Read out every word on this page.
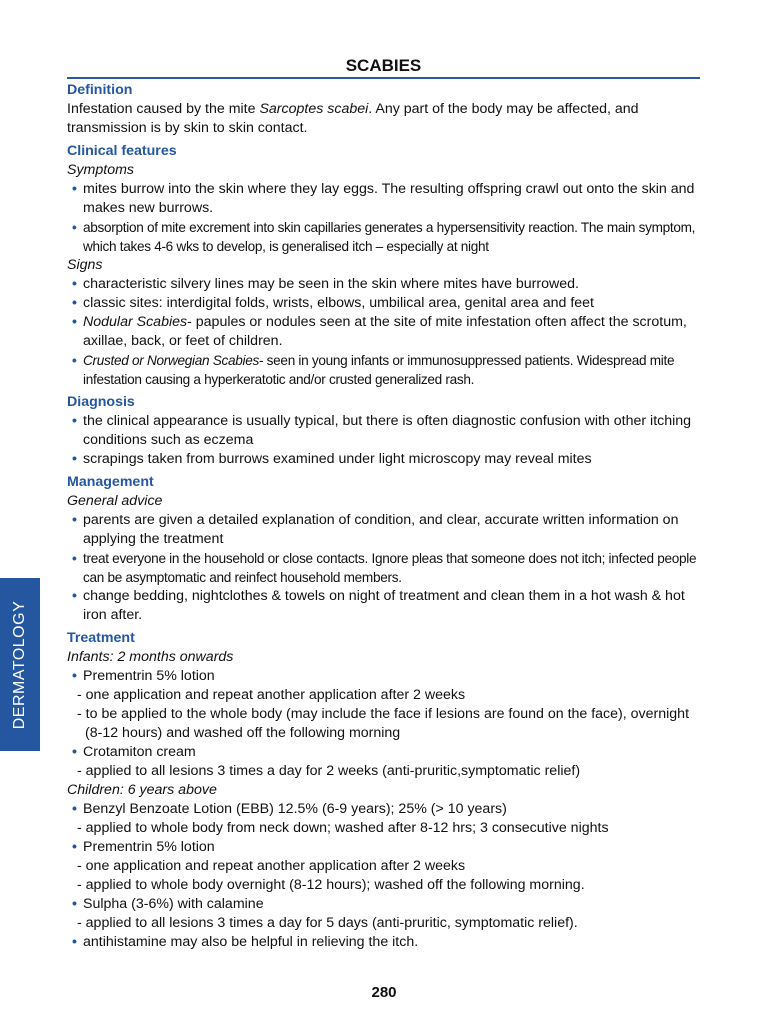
SCABIES
Definition

Infestation caused by the mite Sarcoptes scabei. Any part of the body may be affected, and transmission is by skin to skin contact.

Clinical features
Symptoms
• mites burrow into the skin where they lay eggs. The resulting offspring crawl out onto the skin and makes new burrows.
• absorption of mite excrement into skin capillaries generates a hypersensitivity reaction. The main symptom, which takes 4-6 wks to develop, is generalised itch – especially at night
Signs
• characteristic silvery lines may be seen in the skin where mites have burrowed.
• classic sites: interdigital folds, wrists, elbows, umbilical area, genital area and feet
• Nodular Scabies- papules or nodules seen at the site of mite infestation often affect the scrotum, axillae, back, or feet of children.
• Crusted or Norwegian Scabies- seen in young infants or immunosuppressed patients. Widespread mite infestation causing a hyperkeratotic and/or crusted generalized rash.
Diagnosis
• the clinical appearance is usually typical, but there is often diagnostic confusion with other itching conditions such as eczema
• scrapings taken from burrows examined under light microscopy may reveal mites
Management
General advice
• parents are given a detailed explanation of condition, and clear, accurate written information on applying the treatment
• treat everyone in the household or close contacts. Ignore pleas that someone does not itch; infected people can be asymptomatic and reinfect household members.
• change bedding, nightclothes & towels on night of treatment and clean them in a hot wash & hot iron after.
Treatment
Infants: 2 months onwards
• Prementrin 5% lotion
- one application and repeat another application after 2 weeks
- to be applied to the whole body (may include the face if lesions are found on the face), overnight (8-12 hours) and washed off the following morning
• Crotamiton cream
- applied to all lesions 3 times a day for 2 weeks (anti-pruritic,symptomatic relief)
Children: 6 years above
• Benzyl Benzoate Lotion (EBB) 12.5% (6-9 years); 25% (> 10 years)
- applied to whole body from neck down; washed after 8-12 hrs; 3 consecutive nights
• Prementrin 5% lotion
- one application and repeat another application after 2 weeks
- applied to whole body overnight (8-12 hours); washed off the following morning.
• Sulpha (3-6%) with calamine
- applied to all lesions 3 times a day for 5 days (anti-pruritic, symptomatic relief).
• antihistamine may also be helpful in relieving the itch.
DERMATOLOGY
280
